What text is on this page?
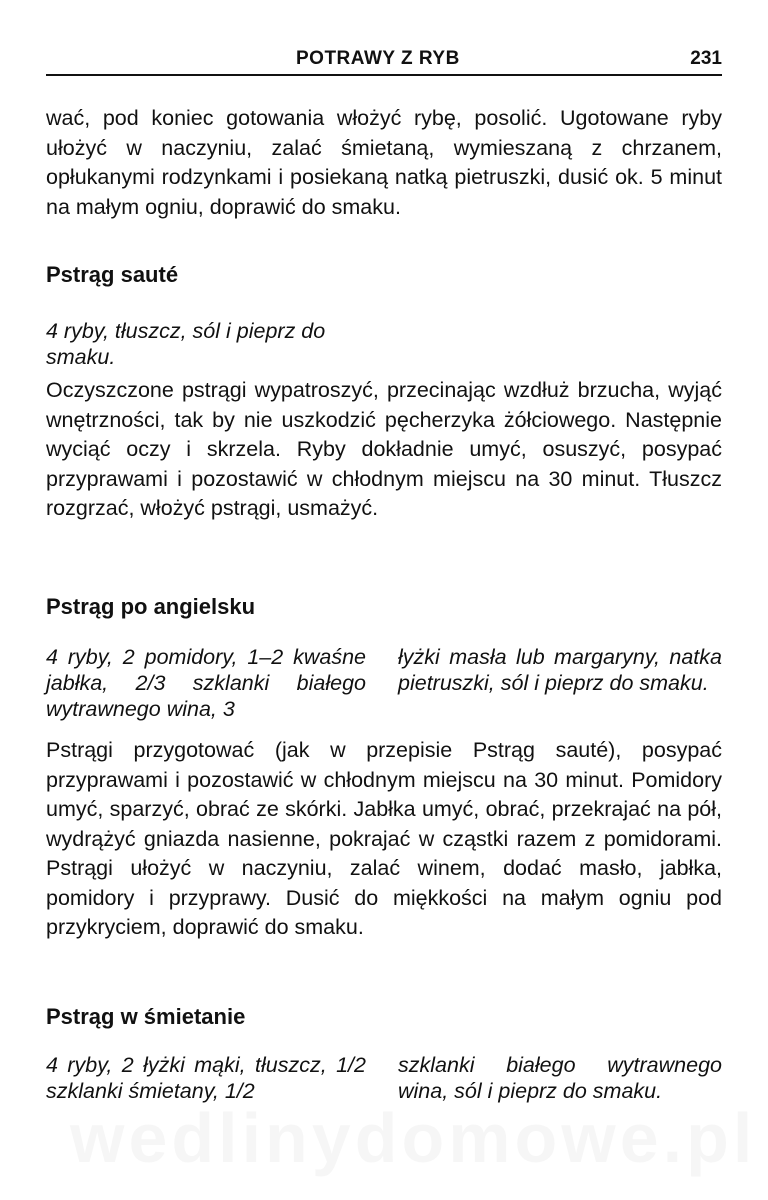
POTRAWY Z RYB	231

wać, pod koniec gotowania włożyć rybę, posolić. Ugotowane ryby ułożyć w naczyniu, zalać śmietaną, wymieszaną z chrzanem, opłukanymi rodzynkami i posiekaną natką pietruszki, dusić ok. 5 minut na małym ogniu, doprawić do smaku.

Pstrąg sauté

4 ryby, tłuszcz, sól i pieprz do smaku.

Oczyszczone pstrągi wypatroszyć, przecinając wzdłuż brzucha, wyjąć wnętrzności, tak by nie uszkodzić pęcherzyka żółciowego. Następnie wyciąć oczy i skrzela. Ryby dokładnie umyć, osuszyć, posypać przyprawami i pozostawić w chłodnym miejscu na 30 minut. Tłuszcz rozgrzać, włożyć pstrągi, usmażyć.

Pstrąg po angielsku

4 ryby, 2 pomidory, 1–2 kwaśne jabłka, 2/3 szklanki białego wytrawnego wina, 3

łyżki masła lub margaryny, natka pietruszki, sól i pieprz do smaku.

Pstrągi przygotować (jak w przepisie Pstrąg sauté), posypać przyprawami i pozostawić w chłodnym miejscu na 30 minut. Pomidory umyć, sparzyć, obrać ze skórki. Jabłka umyć, obrać, przekrajać na pół, wydrążyć gniazda nasienne, pokrajać w cząstki razem z pomidorami. Pstrągi ułożyć w naczyniu, zalać winem, dodać masło, jabłka, pomidory i przyprawy. Dusić do miękkości na małym ogniu pod przykryciem, doprawić do smaku.

Pstrąg w śmietanie

4 ryby, 2 łyżki mąki, tłuszcz, 1/2 szklanki śmietany, 1/2

szklanki białego wytrawnego wina, sól i pieprz do smaku.
